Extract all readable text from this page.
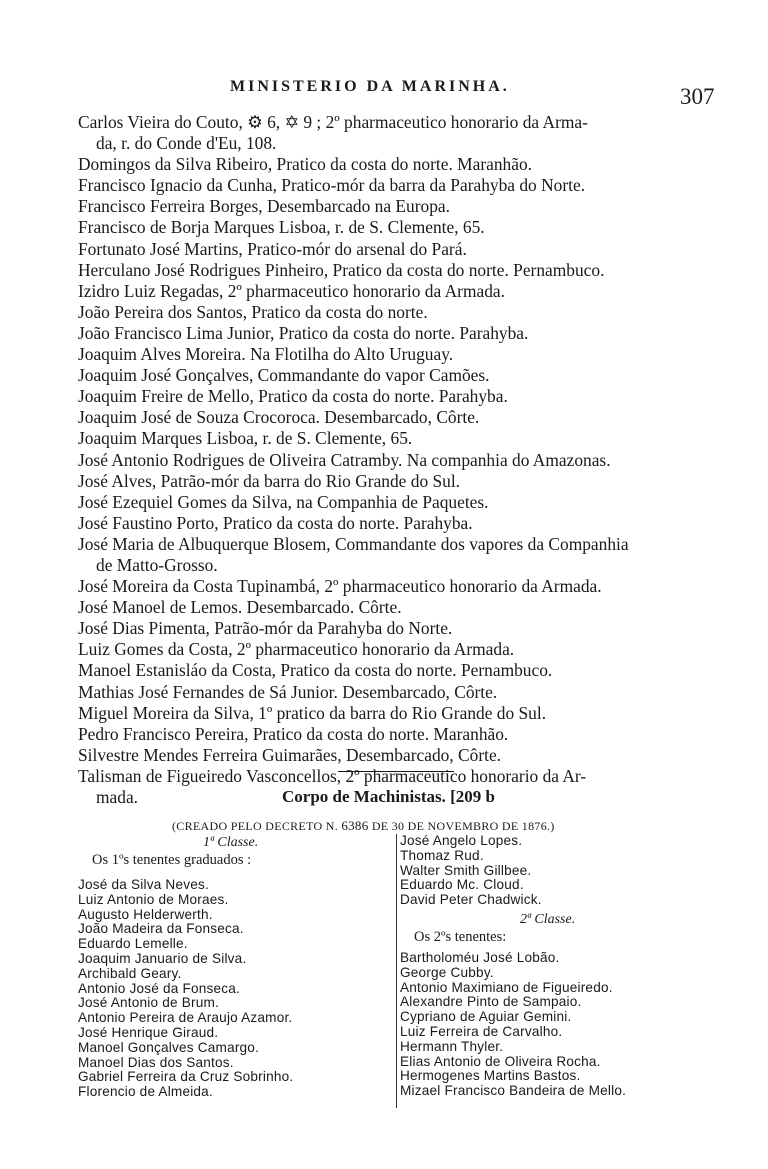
MINISTERIO DA MARINHA.	307
Carlos Vieira do Couto, ⚙ 6, ✡ 9 ; 2º pharmaceutico honorario da Arma-
da, r. do Conde d'Eu, 108.
Domingos da Silva Ribeiro, Pratico da costa do norte. Maranhão.
Francisco Ignacio da Cunha, Pratico-mór da barra da Parahyba do Norte.
Francisco Ferreira Borges, Desembarcado na Europa.
Francisco de Borja Marques Lisboa, r. de S. Clemente, 65.
Fortunato José Martins, Pratico-mór do arsenal do Pará.
Herculano José Rodrigues Pinheiro, Pratico da costa do norte. Pernambuco.
Izidro Luiz Regadas, 2º pharmaceutico honorario da Armada.
João Pereira dos Santos, Pratico da costa do norte.
João Francisco Lima Junior, Pratico da costa do norte. Parahyba.
Joaquim Alves Moreira. Na Flotilha do Alto Uruguay.
Joaquim José Gonçalves, Commandante do vapor Camões.
Joaquim Freire de Mello, Pratico da costa do norte. Parahyba.
Joaquim José de Souza Crocoroca. Desembarcado, Côrte.
Joaquim Marques Lisboa, r. de S. Clemente, 65.
José Antonio Rodrigues de Oliveira Catramby. Na companhia do Amazonas.
José Alves, Patrão-mór da barra do Rio Grande do Sul.
José Ezequiel Gomes da Silva, na Companhia de Paquetes.
José Faustino Porto, Pratico da costa do norte. Parahyba.
José Maria de Albuquerque Blosem, Commandante dos vapores da Companhia
de Matto-Grosso.
José Moreira da Costa Tupinambá, 2º pharmaceutico honorario da Armada.
José Manoel de Lemos. Desembarcado. Côrte.
José Dias Pimenta, Patrão-mór da Parahyba do Norte.
Luiz Gomes da Costa, 2º pharmaceutico honorario da Armada.
Manoel Estanisláo da Costa, Pratico da costa do norte. Pernambuco.
Mathias José Fernandes de Sá Junior. Desembarcado, Côrte.
Miguel Moreira da Silva, 1º pratico da barra do Rio Grande do Sul.
Pedro Francisco Pereira, Pratico da costa do norte. Maranhão.
Silvestre Mendes Ferreira Guimarães, Desembarcado, Côrte.
Talisman de Figueiredo Vasconcellos, 2º pharmaceutico honorario da Ar-
mada.	Corpo de Machinistas. [209 b
(CREADO PELO DECRETO N. 6386 DE 30 DE NOVEMBRO DE 1876.)
1ª Classe.
Os 1ºs tenentes graduados :
José da Silva Neves.
Luiz Antonio de Moraes.
Augusto Helderwerth.
João Madeira da Fonseca.
Eduardo Lemelle.
Joaquim Januario de Silva.
Archibald Geary.
Antonio José da Fonseca.
José Antonio de Brum.
Antonio Pereira de Araujo Azamor.
José Henrique Giraud.
Manoel Gonçalves Camargo.
Manoel Dias dos Santos.
Gabriel Ferreira da Cruz Sobrinho.
Florencio de Almeida.
José Angelo Lopes.
Thomaz Rud.
Walter Smith Gillbee.
Eduardo Mc. Cloud.
David Peter Chadwick.
2ª Classe.
Os 2ºs tenentes:
Bartholoméu José Lobão.
George Cubby.
Antonio Maximiano de Figueiredo.
Alexandre Pinto de Sampaio.
Cypriano de Aguiar Gemini.
Luiz Ferreira de Carvalho.
Hermann Thyler.
Elias Antonio de Oliveira Rocha.
Hermogenes Martins Bastos.
Mizael Francisco Bandeira de Mello.
